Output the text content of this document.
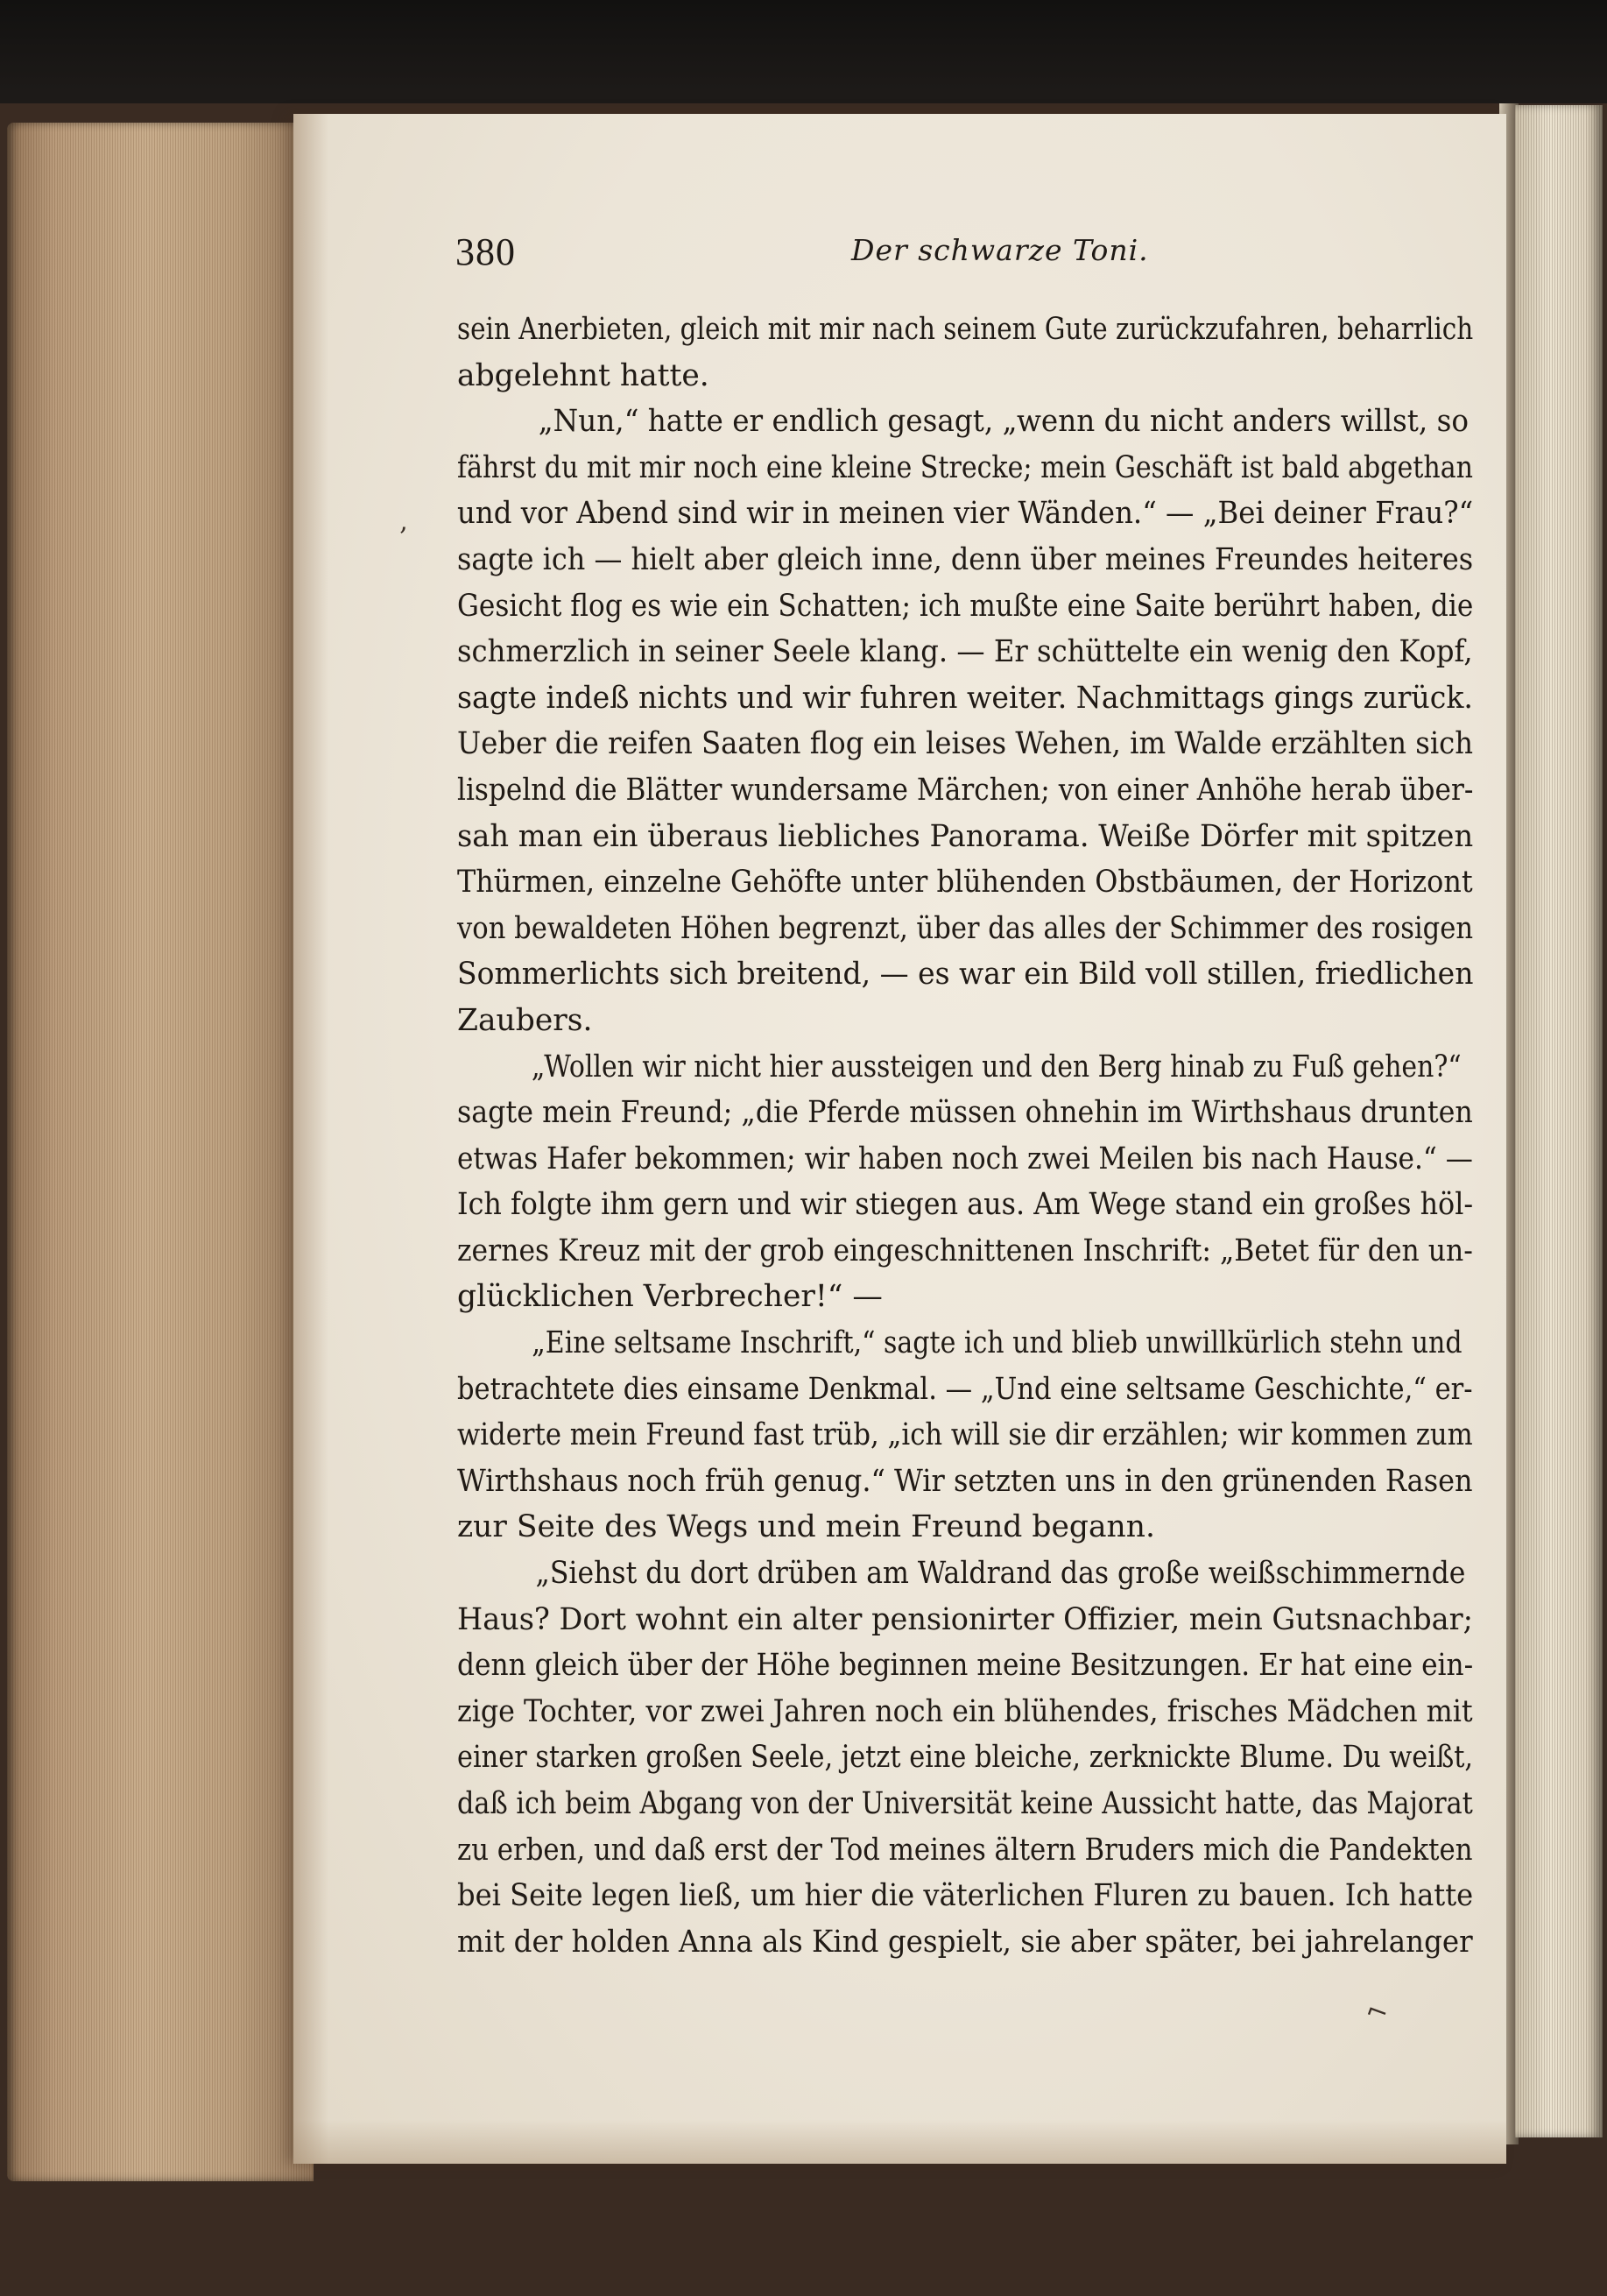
380	Der schwarze Toni.
sein Anerbieten, gleich mit mir nach seinem Gute zurückzufahren, beharrlich
abgelehnt hatte.
„Nun,“ hatte er endlich gesagt, „wenn du nicht anders willst, so
fährst du mit mir noch eine kleine Strecke; mein Geschäft ist bald abgethan
und vor Abend sind wir in meinen vier Wänden.“ — „Bei deiner Frau?“
sagte ich — hielt aber gleich inne, denn über meines Freundes heiteres
Gesicht flog es wie ein Schatten; ich mußte eine Saite berührt haben, die
schmerzlich in seiner Seele klang. — Er schüttelte ein wenig den Kopf,
sagte indeß nichts und wir fuhren weiter. Nachmittags gings zurück.
Ueber die reifen Saaten flog ein leises Wehen, im Walde erzählten sich
lispelnd die Blätter wundersame Märchen; von einer Anhöhe herab über-
sah man ein überaus liebliches Panorama. Weiße Dörfer mit spitzen
Thürmen, einzelne Gehöfte unter blühenden Obstbäumen, der Horizont
von bewaldeten Höhen begrenzt, über das alles der Schimmer des rosigen
Sommerlichts sich breitend, — es war ein Bild voll stillen, friedlichen
Zaubers.
„Wollen wir nicht hier aussteigen und den Berg hinab zu Fuß gehen?“
sagte mein Freund; „die Pferde müssen ohnehin im Wirthshaus drunten
etwas Hafer bekommen; wir haben noch zwei Meilen bis nach Hause.“ —
Ich folgte ihm gern und wir stiegen aus. Am Wege stand ein großes höl-
zernes Kreuz mit der grob eingeschnittenen Inschrift: „Betet für den un-
glücklichen Verbrecher!“ —
„Eine seltsame Inschrift,“ sagte ich und blieb unwillkürlich stehn und
betrachtete dies einsame Denkmal. — „Und eine seltsame Geschichte,“ er-
widerte mein Freund fast trüb, „ich will sie dir erzählen; wir kommen zum
Wirthshaus noch früh genug.“ Wir setzten uns in den grünenden Rasen
zur Seite des Wegs und mein Freund begann.
„Siehst du dort drüben am Waldrand das große weißschimmernde
Haus? Dort wohnt ein alter pensionirter Offizier, mein Gutsnachbar;
denn gleich über der Höhe beginnen meine Besitzungen. Er hat eine ein-
zige Tochter, vor zwei Jahren noch ein blühendes, frisches Mädchen mit
einer starken großen Seele, jetzt eine bleiche, zerknickte Blume. Du weißt,
daß ich beim Abgang von der Universität keine Aussicht hatte, das Majorat
zu erben, und daß erst der Tod meines ältern Bruders mich die Pandekten
bei Seite legen ließ, um hier die väterlichen Fluren zu bauen. Ich hatte
mit der holden Anna als Kind gespielt, sie aber später, bei jahrelanger
‚
⌐
